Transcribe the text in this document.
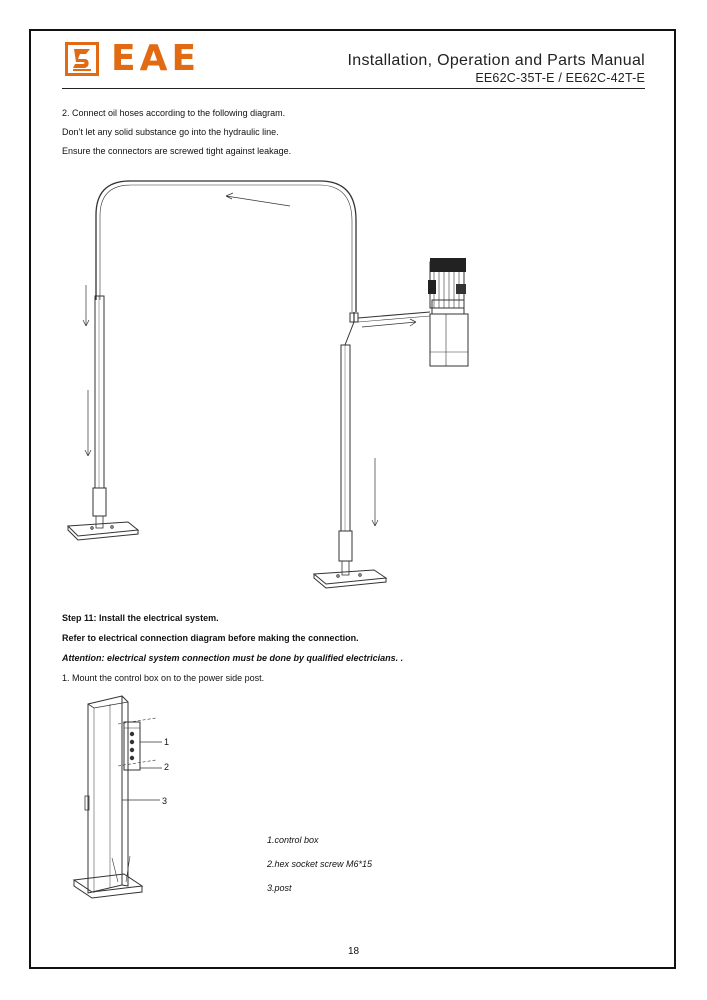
EAE	Installation, Operation and Parts Manual
EE62C-35T-E / EE62C-42T-E
2. Connect oil hoses according to the following diagram.
Don’t let any solid substance go into the hydraulic line.
Ensure the connectors are screwed tight against leakage.
Step 11: Install the electrical system.
Refer to electrical connection diagram before making the connection.
Attention: electrical system connection must be done by qualified electricians. .
1. Mount the control box on to the power side post.
1
2
3
1.control box
2.hex socket screw M6*15
3.post
18
